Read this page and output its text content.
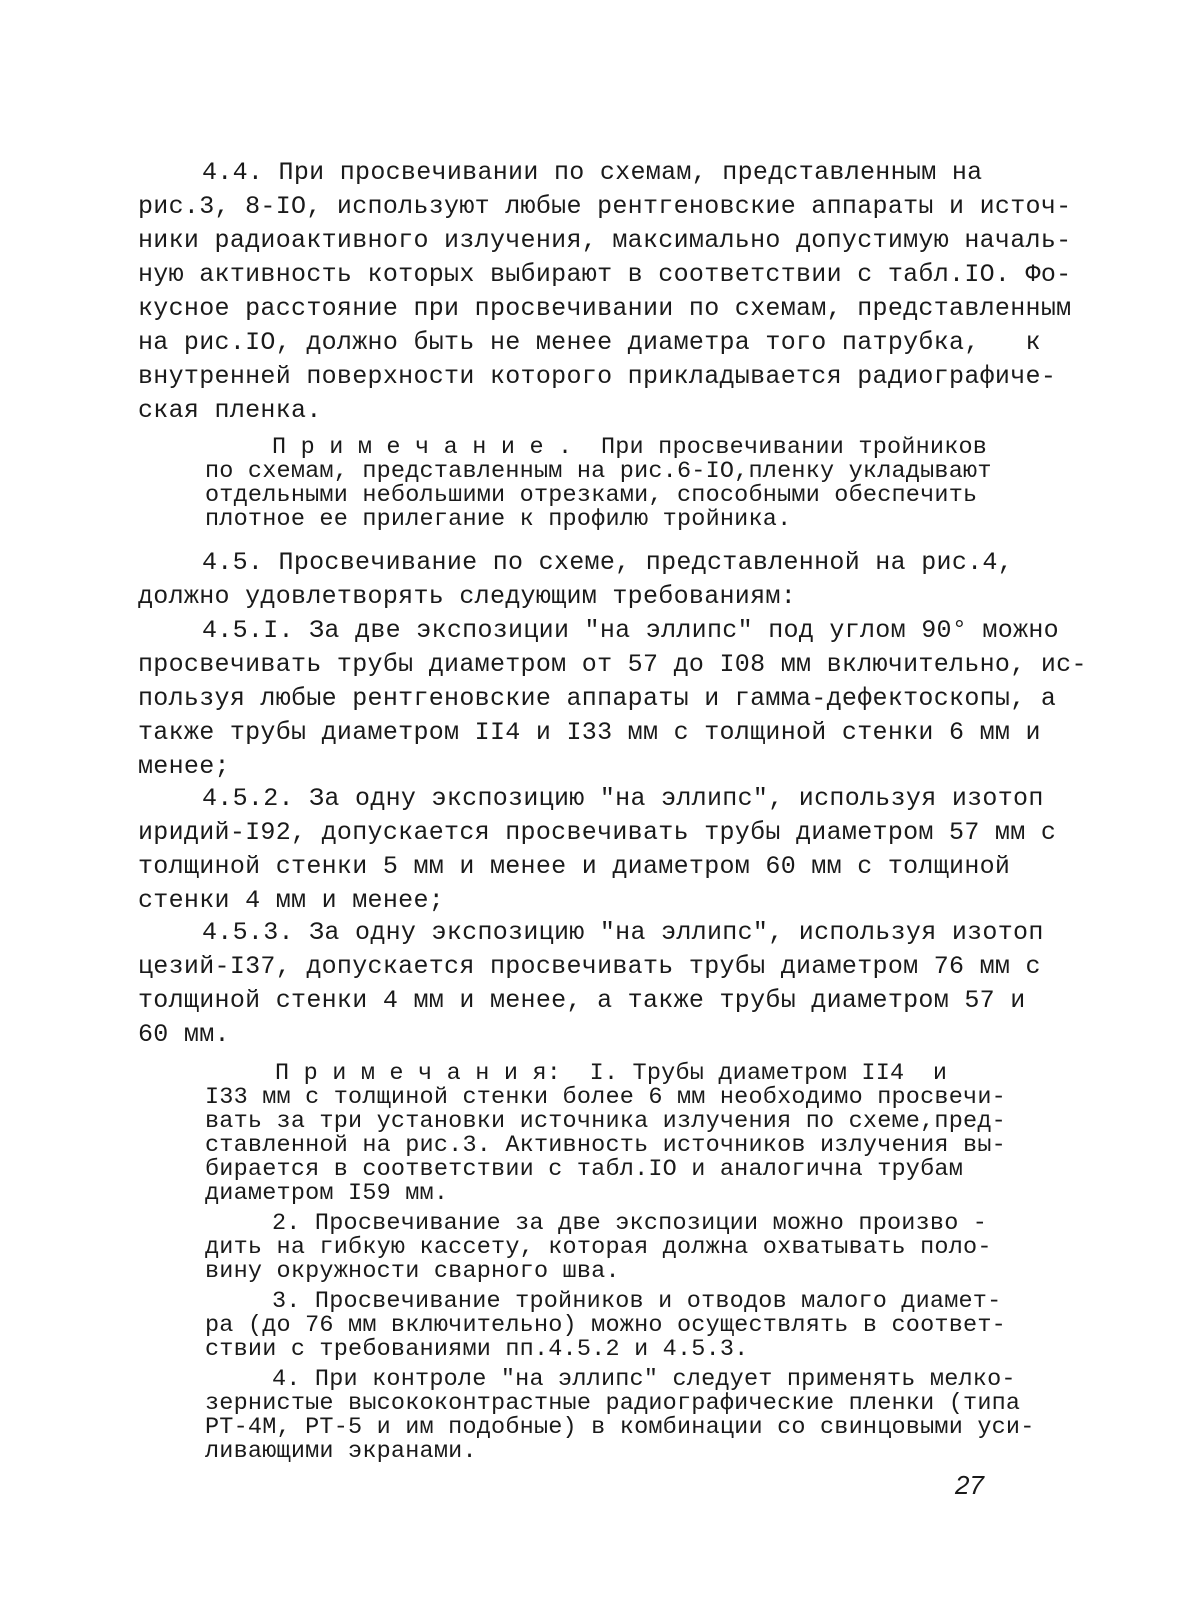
4.4. При просвечивании по схемам, представленным на
рис.3, 8-IO, используют любые рентгеновские аппараты и источ-
ники радиоактивного излучения, максимально допустимую началь-
ную активность которых выбирают в соответствии с табл.IO. Фо-
кусное расстояние при просвечивании по схемам, представленным
на рис.IO, должно быть не менее диаметра того патрубка,   к
внутренней поверхности которого прикладывается радиографиче-
ская пленка.
П р и м е ч а н и е .  При просвечивании тройников
по схемам, представленным на рис.6-IO,пленку укладывают
отдельными небольшими отрезками, способными обеспечить
плотное ее прилегание к профилю тройника.
4.5. Просвечивание по схеме, представленной на рис.4,
должно удовлетворять следующим требованиям:
4.5.I. За две экспозиции "на эллипс" под углом 90° можно
просвечивать трубы диаметром от 57 до I08 мм включительно, ис-
пользуя любые рентгеновские аппараты и гамма-дефектоскопы, а
также трубы диаметром II4 и I33 мм с толщиной стенки 6 мм и
менее;
4.5.2. За одну экспозицию "на эллипс", используя изотоп
иридий-I92, допускается просвечивать трубы диаметром 57 мм с
толщиной стенки 5 мм и менее и диаметром 60 мм с толщиной
стенки 4 мм и менее;
4.5.3. За одну экспозицию "на эллипс", используя изотоп
цезий-I37, допускается просвечивать трубы диаметром 76 мм с
толщиной стенки 4 мм и менее, а также трубы диаметром 57 и
60 мм.
П р и м е ч а н и я:  I. Трубы диаметром II4  и
I33 мм с толщиной стенки более 6 мм необходимо просвечи-
вать за три установки источника излучения по схеме,пред-
ставленной на рис.3. Активность источников излучения вы-
бирается в соответствии с табл.IO и аналогична трубам
диаметром I59 мм.
2. Просвечивание за две экспозиции можно произво -
дить на гибкую кассету, которая должна охватывать поло-
вину окружности сварного шва.
3. Просвечивание тройников и отводов малого диамет-
ра (до 76 мм включительно) можно осуществлять в соответ-
ствии с требованиями пп.4.5.2 и 4.5.3.
4. При контроле "на эллипс" следует применять мелко-
зернистые высококонтрастные радиографические пленки (типа
РТ-4М, РТ-5 и им подобные) в комбинации со свинцовыми уси-
ливающими экранами.
27
